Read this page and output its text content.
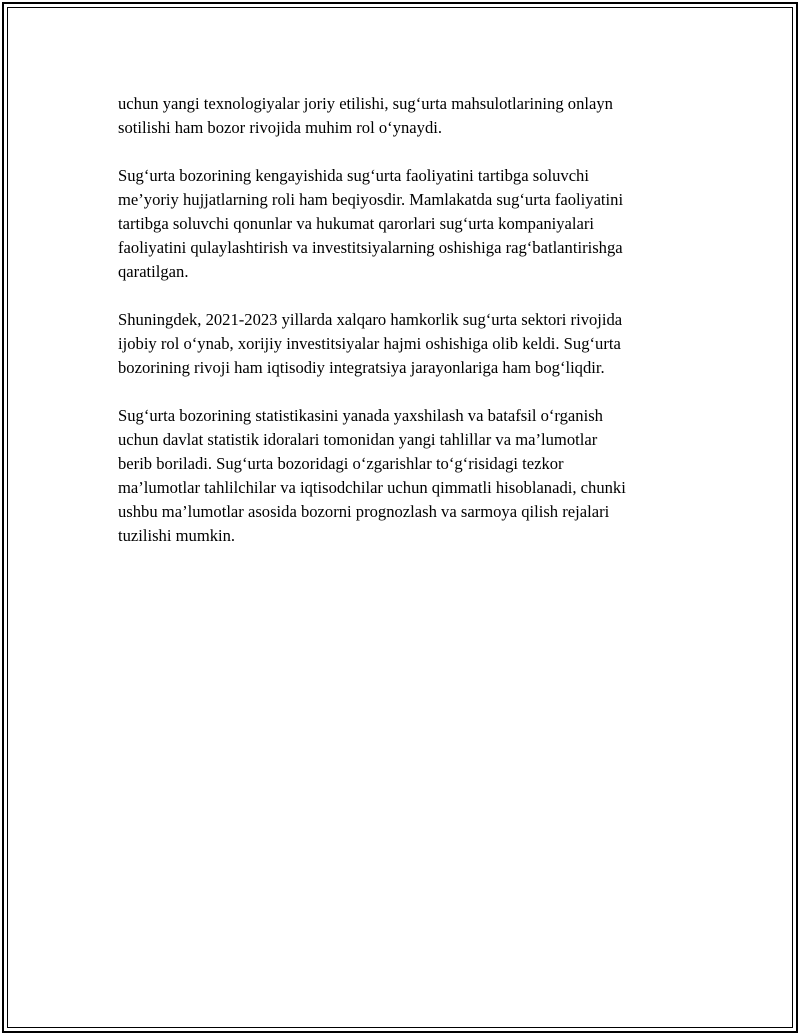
uchun yangi texnologiyalar joriy etilishi, sug‘urta mahsulotlarining onlayn
sotilishi ham bozor rivojida muhim rol o‘ynaydi.

Sug‘urta bozorining kengayishida sug‘urta faoliyatini tartibga soluvchi
me’yoriy hujjatlarning roli ham beqiyosdir. Mamlakatda sug‘urta faoliyatini
tartibga soluvchi qonunlar va hukumat qarorlari sug‘urta kompaniyalari
faoliyatini qulaylashtirish va investitsiyalarning oshishiga rag‘batlantirishga
qaratilgan.

Shuningdek, 2021-2023 yillarda xalqaro hamkorlik sug‘urta sektori rivojida
ijobiy rol o‘ynab, xorijiy investitsiyalar hajmi oshishiga olib keldi. Sug‘urta
bozorining rivoji ham iqtisodiy integratsiya jarayonlariga ham bog‘liqdir.

Sug‘urta bozorining statistikasini yanada yaxshilash va batafsil o‘rganish
uchun davlat statistik idoralari tomonidan yangi tahlillar va ma’lumotlar
berib boriladi. Sug‘urta bozoridagi o‘zgarishlar to‘g‘risidagi tezkor
ma’lumotlar tahlilchilar va iqtisodchilar uchun qimmatli hisoblanadi, chunki
ushbu ma’lumotlar asosida bozorni prognozlash va sarmoya qilish rejalari
tuzilishi mumkin.
